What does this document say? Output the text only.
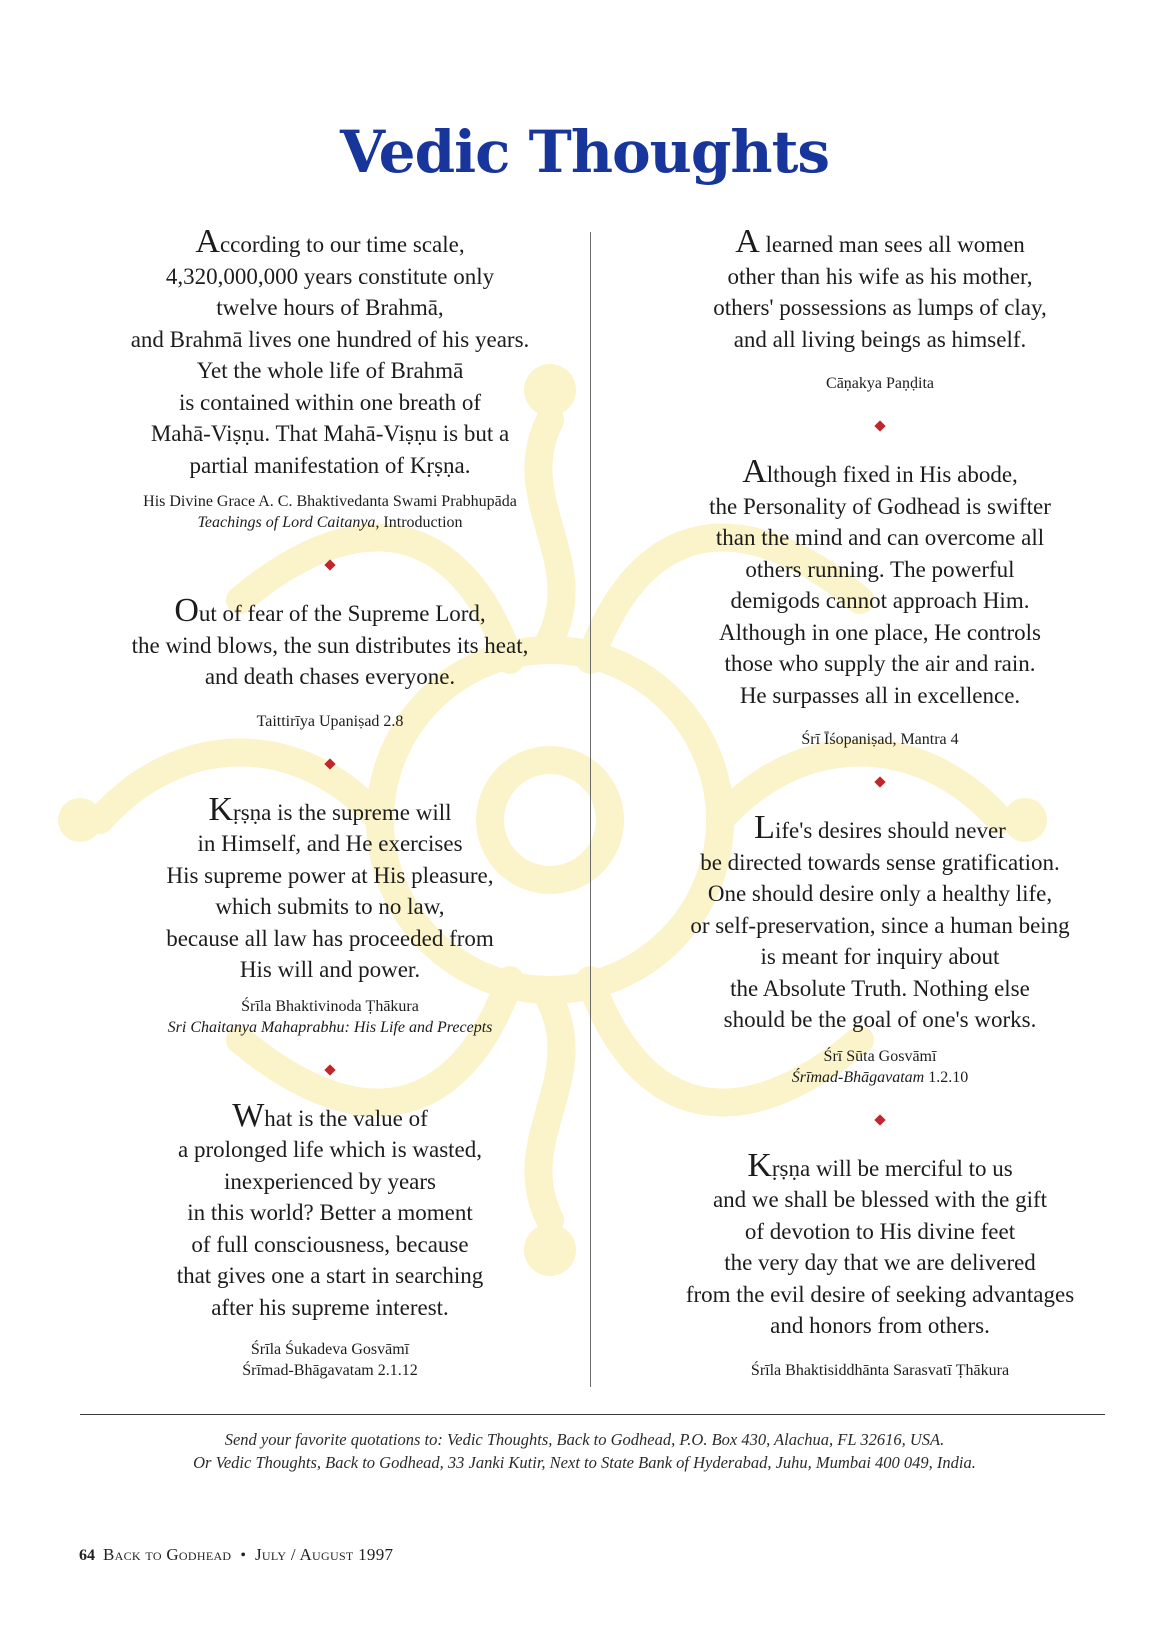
Vedic Thoughts

According to our time scale,
4,320,000,000 years constitute only
twelve hours of Brahmā,
and Brahmā lives one hundred of his years.
Yet the whole life of Brahmā
is contained within one breath of
Mahā-Viṣṇu. That Mahā-Viṣṇu is but a
partial manifestation of Kṛṣṇa.

His Divine Grace A. C. Bhaktivedanta Swami Prabhupāda
Teachings of Lord Caitanya, Introduction

Out of fear of the Supreme Lord,
the wind blows, the sun distributes its heat,
and death chases everyone.

Taittirīya Upaniṣad 2.8

Kṛṣṇa is the supreme will
in Himself, and He exercises
His supreme power at His pleasure,
which submits to no law,
because all law has proceeded from
His will and power.

Śrīla Bhaktivinoda Ṭhākura
Sri Chaitanya Mahaprabhu: His Life and Precepts

What is the value of
a prolonged life which is wasted,
inexperienced by years
in this world? Better a moment
of full consciousness, because
that gives one a start in searching
after his supreme interest.

Śrīla Śukadeva Gosvāmī
Śrīmad-Bhāgavatam 2.1.12

A learned man sees all women
other than his wife as his mother,
others' possessions as lumps of clay,
and all living beings as himself.

Cāṇakya Paṇḍita

Although fixed in His abode,
the Personality of Godhead is swifter
than the mind and can overcome all
others running. The powerful
demigods cannot approach Him.
Although in one place, He controls
those who supply the air and rain.
He surpasses all in excellence.

Śrī Īśopaniṣad, Mantra 4

Life's desires should never
be directed towards sense gratification.
One should desire only a healthy life,
or self-preservation, since a human being
is meant for inquiry about
the Absolute Truth. Nothing else
should be the goal of one's works.

Śrī Sūta Gosvāmī
Śrīmad-Bhāgavatam 1.2.10

Kṛṣṇa will be merciful to us
and we shall be blessed with the gift
of devotion to His divine feet
the very day that we are delivered
from the evil desire of seeking advantages
and honors from others.

Śrīla Bhaktisiddhānta Sarasvatī Ṭhākura
Send your favorite quotations to: Vedic Thoughts, Back to Godhead, P.O. Box 430, Alachua, FL 32616, USA.
Or Vedic Thoughts, Back to Godhead, 33 Janki Kutir, Next to State Bank of Hyderabad, Juhu, Mumbai 400 049, India.
64 Back to Godhead • July / August 1997
